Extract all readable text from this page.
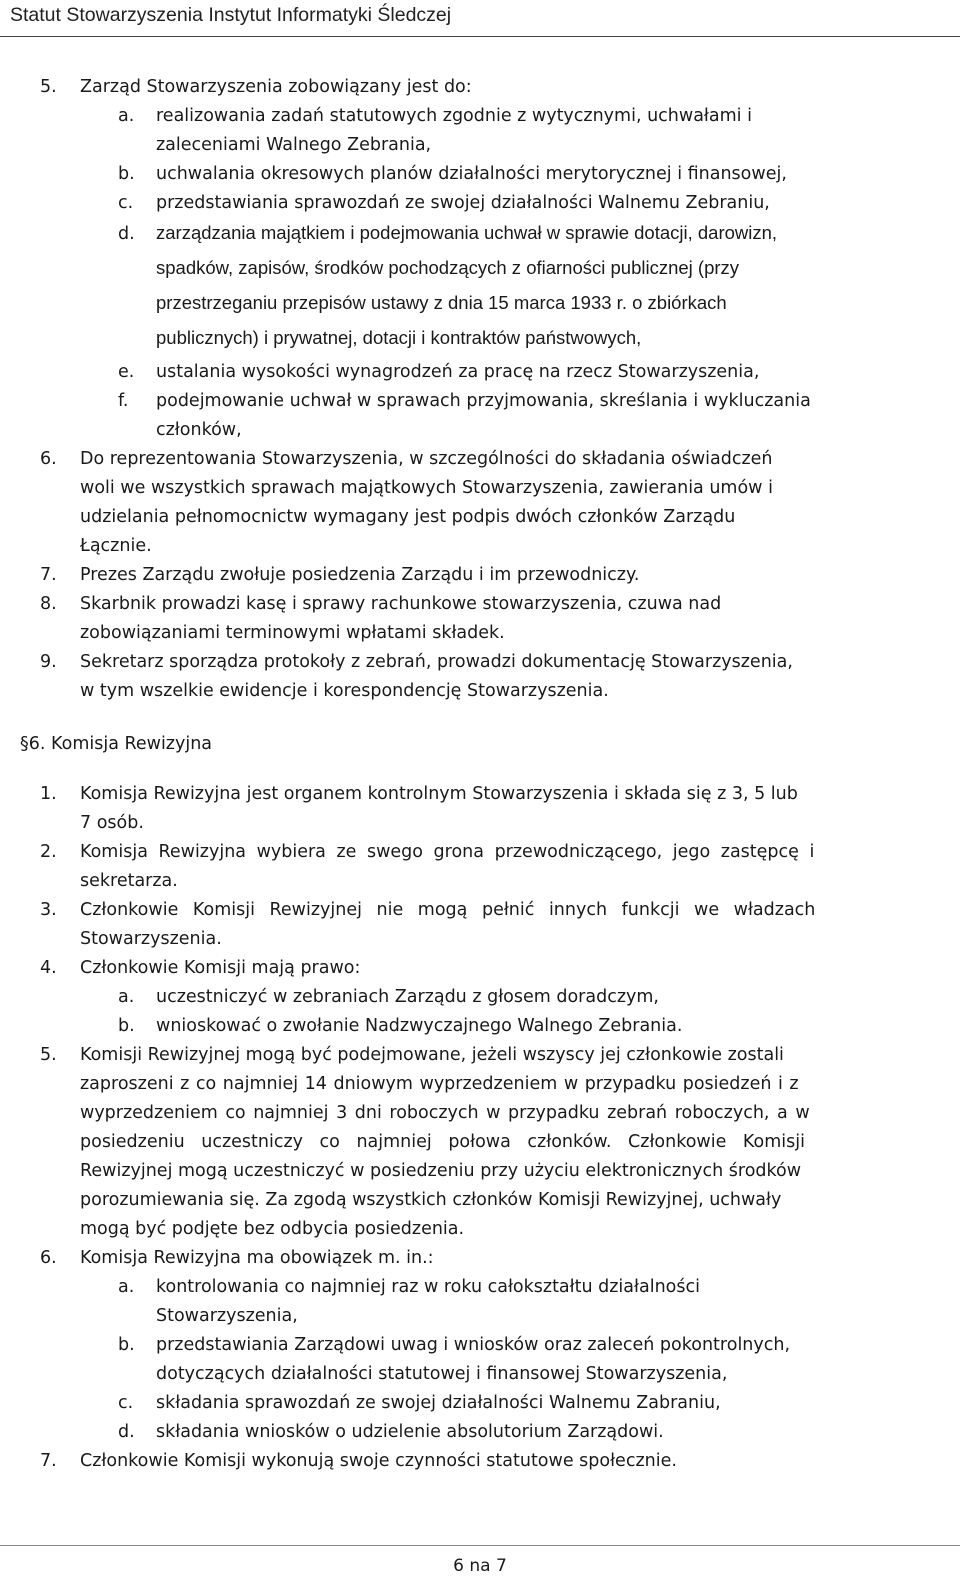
Statut Stowarzyszenia Instytut Informatyki Śledczej
5. Zarząd Stowarzyszenia zobowiązany jest do:
a. realizowania zadań statutowych zgodnie z wytycznymi, uchwałami i
zaleceniami Walnego Zebrania,
b. uchwalania okresowych planów działalności merytorycznej i finansowej,
c. przedstawiania sprawozdań ze swojej działalności Walnemu Zebraniu,
d. zarządzania majątkiem i podejmowania uchwał w sprawie dotacji, darowizn,
spadków, zapisów, środków pochodzących z ofiarności publicznej (przy
przestrzeganiu przepisów ustawy z dnia 15 marca 1933 r. o zbiórkach
publicznych) i prywatnej, dotacji i kontraktów państwowych,
e. ustalania wysokości wynagrodzeń za pracę na rzecz Stowarzyszenia,
f. podejmowanie uchwał w sprawach przyjmowania, skreślania i wykluczania
członków,
6. Do reprezentowania Stowarzyszenia, w szczególności do składania oświadczeń
woli we wszystkich sprawach majątkowych Stowarzyszenia, zawierania umów i
udzielania pełnomocnictw wymagany jest podpis dwóch członków Zarządu
Łącznie.
7. Prezes Zarządu zwołuje posiedzenia Zarządu i im przewodniczy.
8. Skarbnik prowadzi kasę i sprawy rachunkowe stowarzyszenia, czuwa nad
zobowiązaniami terminowymi wpłatami składek.
9. Sekretarz sporządza protokoły z zebrań, prowadzi dokumentację Stowarzyszenia,
w tym wszelkie ewidencje i korespondencję Stowarzyszenia.
§6. Komisja Rewizyjna
1. Komisja Rewizyjna jest organem kontrolnym Stowarzyszenia i składa się z 3, 5 lub
7 osób.
2. Komisja Rewizyjna wybiera ze swego grona przewodniczącego, jego zastępcę i
sekretarza.
3. Członkowie Komisji Rewizyjnej nie mogą pełnić innych funkcji we władzach
Stowarzyszenia.
4. Członkowie Komisji mają prawo:
a. uczestniczyć w zebraniach Zarządu z głosem doradczym,
b. wnioskować o zwołanie Nadzwyczajnego Walnego Zebrania.
5. Komisji Rewizyjnej mogą być podejmowane, jeżeli wszyscy jej członkowie zostali
zaproszeni z co najmniej 14 dniowym wyprzedzeniem w przypadku posiedzeń i z
wyprzedzeniem co najmniej 3 dni roboczych w przypadku zebrań roboczych, a w
posiedzeniu uczestniczy co najmniej połowa członków. Członkowie Komisji
Rewizyjnej mogą uczestniczyć w posiedzeniu przy użyciu elektronicznych środków
porozumiewania się. Za zgodą wszystkich członków Komisji Rewizyjnej, uchwały
mogą być podjęte bez odbycia posiedzenia.
6. Komisja Rewizyjna ma obowiązek m. in.:
a. kontrolowania co najmniej raz w roku całokształtu działalności
Stowarzyszenia,
b. przedstawiania Zarządowi uwag i wniosków oraz zaleceń pokontrolnych,
dotyczących działalności statutowej i finansowej Stowarzyszenia,
c. składania sprawozdań ze swojej działalności Walnemu Zabraniu,
d. składania wniosków o udzielenie absolutorium Zarządowi.
7. Członkowie Komisji wykonują swoje czynności statutowe społecznie.
6 na 7
